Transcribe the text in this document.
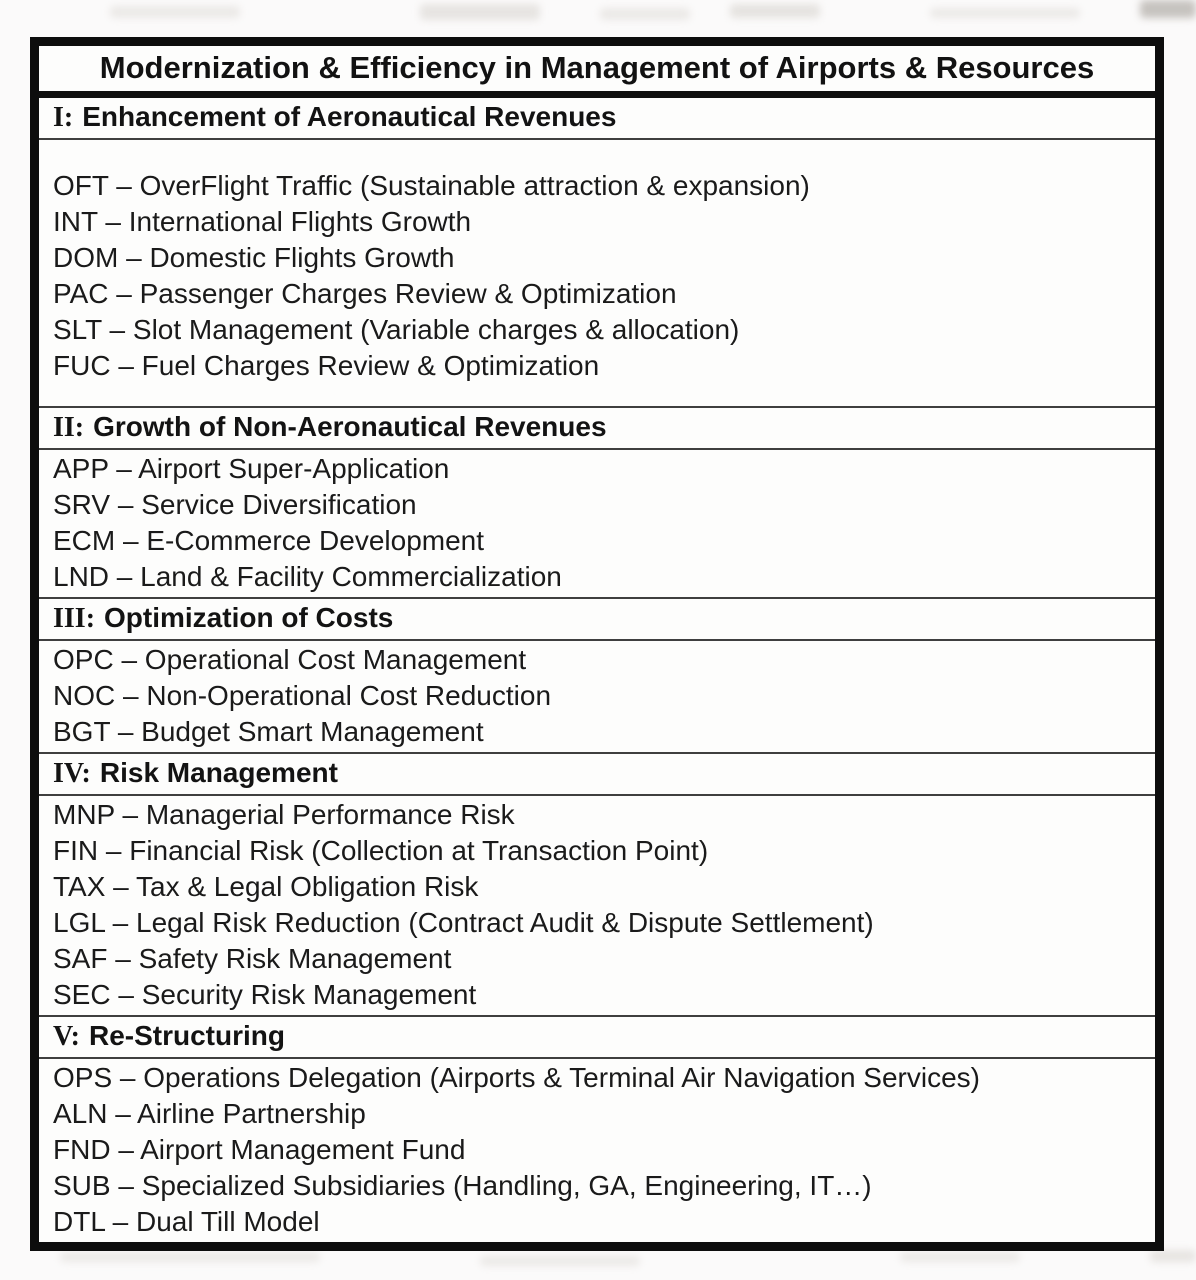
Modernization & Efficiency in Management of Airports & Resources
I: Enhancement of Aeronautical Revenues
OFT – OverFlight Traffic (Sustainable attraction & expansion)
INT – International Flights Growth
DOM – Domestic Flights Growth
PAC – Passenger Charges Review & Optimization
SLT – Slot Management (Variable charges & allocation)
FUC – Fuel Charges Review & Optimization
II: Growth of Non-Aeronautical Revenues
APP – Airport Super-Application
SRV – Service Diversification
ECM – E-Commerce Development
LND – Land & Facility Commercialization
III: Optimization of Costs
OPC – Operational Cost Management
NOC – Non-Operational Cost Reduction
BGT – Budget Smart Management
IV: Risk Management
MNP – Managerial Performance Risk
FIN – Financial Risk (Collection at Transaction Point)
TAX – Tax & Legal Obligation Risk
LGL – Legal Risk Reduction (Contract Audit & Dispute Settlement)
SAF – Safety Risk Management
SEC – Security Risk Management
V: Re-Structuring
OPS – Operations Delegation (Airports & Terminal Air Navigation Services)
ALN – Airline Partnership
FND – Airport Management Fund
SUB – Specialized Subsidiaries (Handling, GA, Engineering, IT…)
DTL – Dual Till Model
